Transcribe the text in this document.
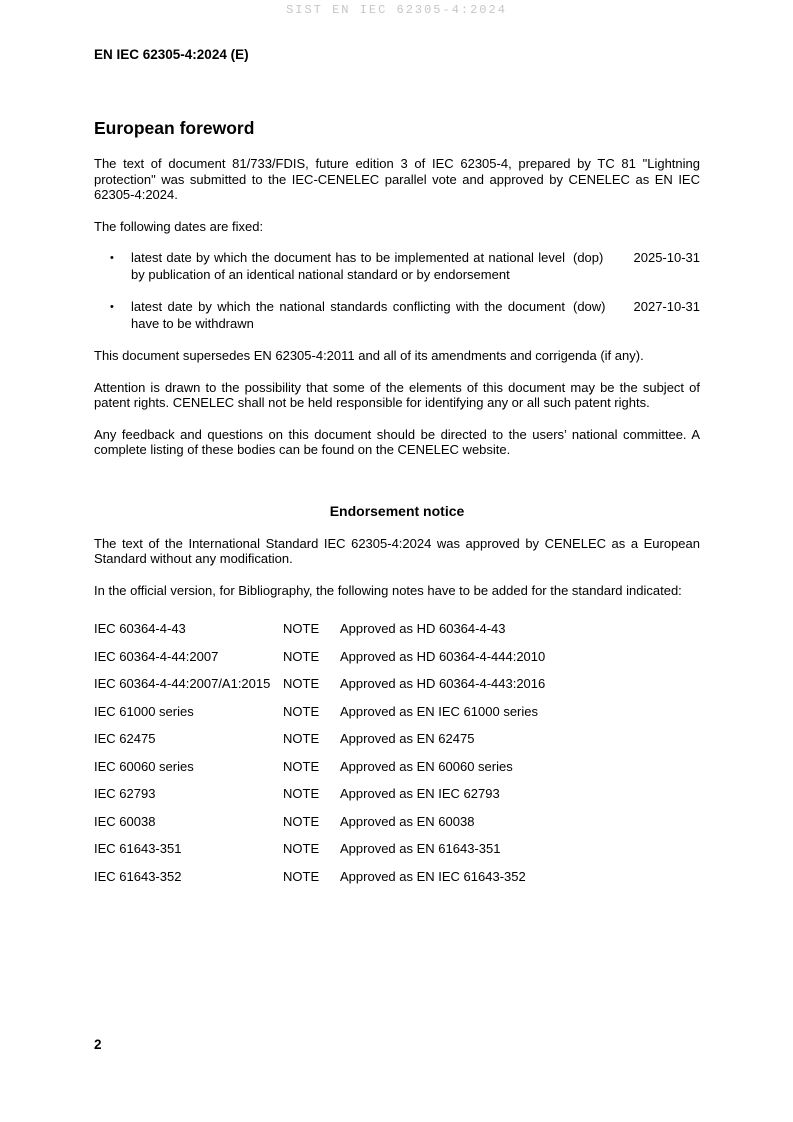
SIST EN IEC 62305-4:2024
EN IEC 62305-4:2024 (E)
European foreword

The text of document 81/733/FDIS, future edition 3 of IEC 62305-4, prepared by TC 81 "Lightning protection" was submitted to the IEC-CENELEC parallel vote and approved by CENELEC as EN IEC 62305-4:2024.

The following dates are fixed:

•	latest date by which the document has to be implemented at national level by publication of an identical national standard or by endorsement
(dop)	2025-10-31
•	latest date by which the national standards conflicting with the document have to be withdrawn
(dow)	2027-10-31

This document supersedes EN 62305-4:2011 and all of its amendments and corrigenda (if any).

Attention is drawn to the possibility that some of the elements of this document may be the subject of patent rights. CENELEC shall not be held responsible for identifying any or all such patent rights.

Any feedback and questions on this document should be directed to the users’ national committee. A complete listing of these bodies can be found on the CENELEC website.

Endorsement notice

The text of the International Standard IEC 62305-4:2024 was approved by CENELEC as a European Standard without any modification.

In the official version, for Bibliography, the following notes have to be added for the standard indicated:

IEC 60364-4-43	NOTE	Approved as HD 60364-4-43
IEC 60364-4-44:2007	NOTE	Approved as HD 60364-4-444:2010
IEC 60364-4-44:2007/A1:2015 NOTE	Approved as HD 60364-4-443:2016
IEC 61000 series	NOTE	Approved as EN IEC 61000 series
IEC 62475	NOTE	Approved as EN 62475
IEC 60060 series	NOTE	Approved as EN 60060 series
IEC 62793	NOTE	Approved as EN IEC 62793
IEC 60038	NOTE	Approved as EN 60038
IEC 61643-351	NOTE	Approved as EN 61643-351
IEC 61643-352	NOTE	Approved as EN IEC 61643-352
2
